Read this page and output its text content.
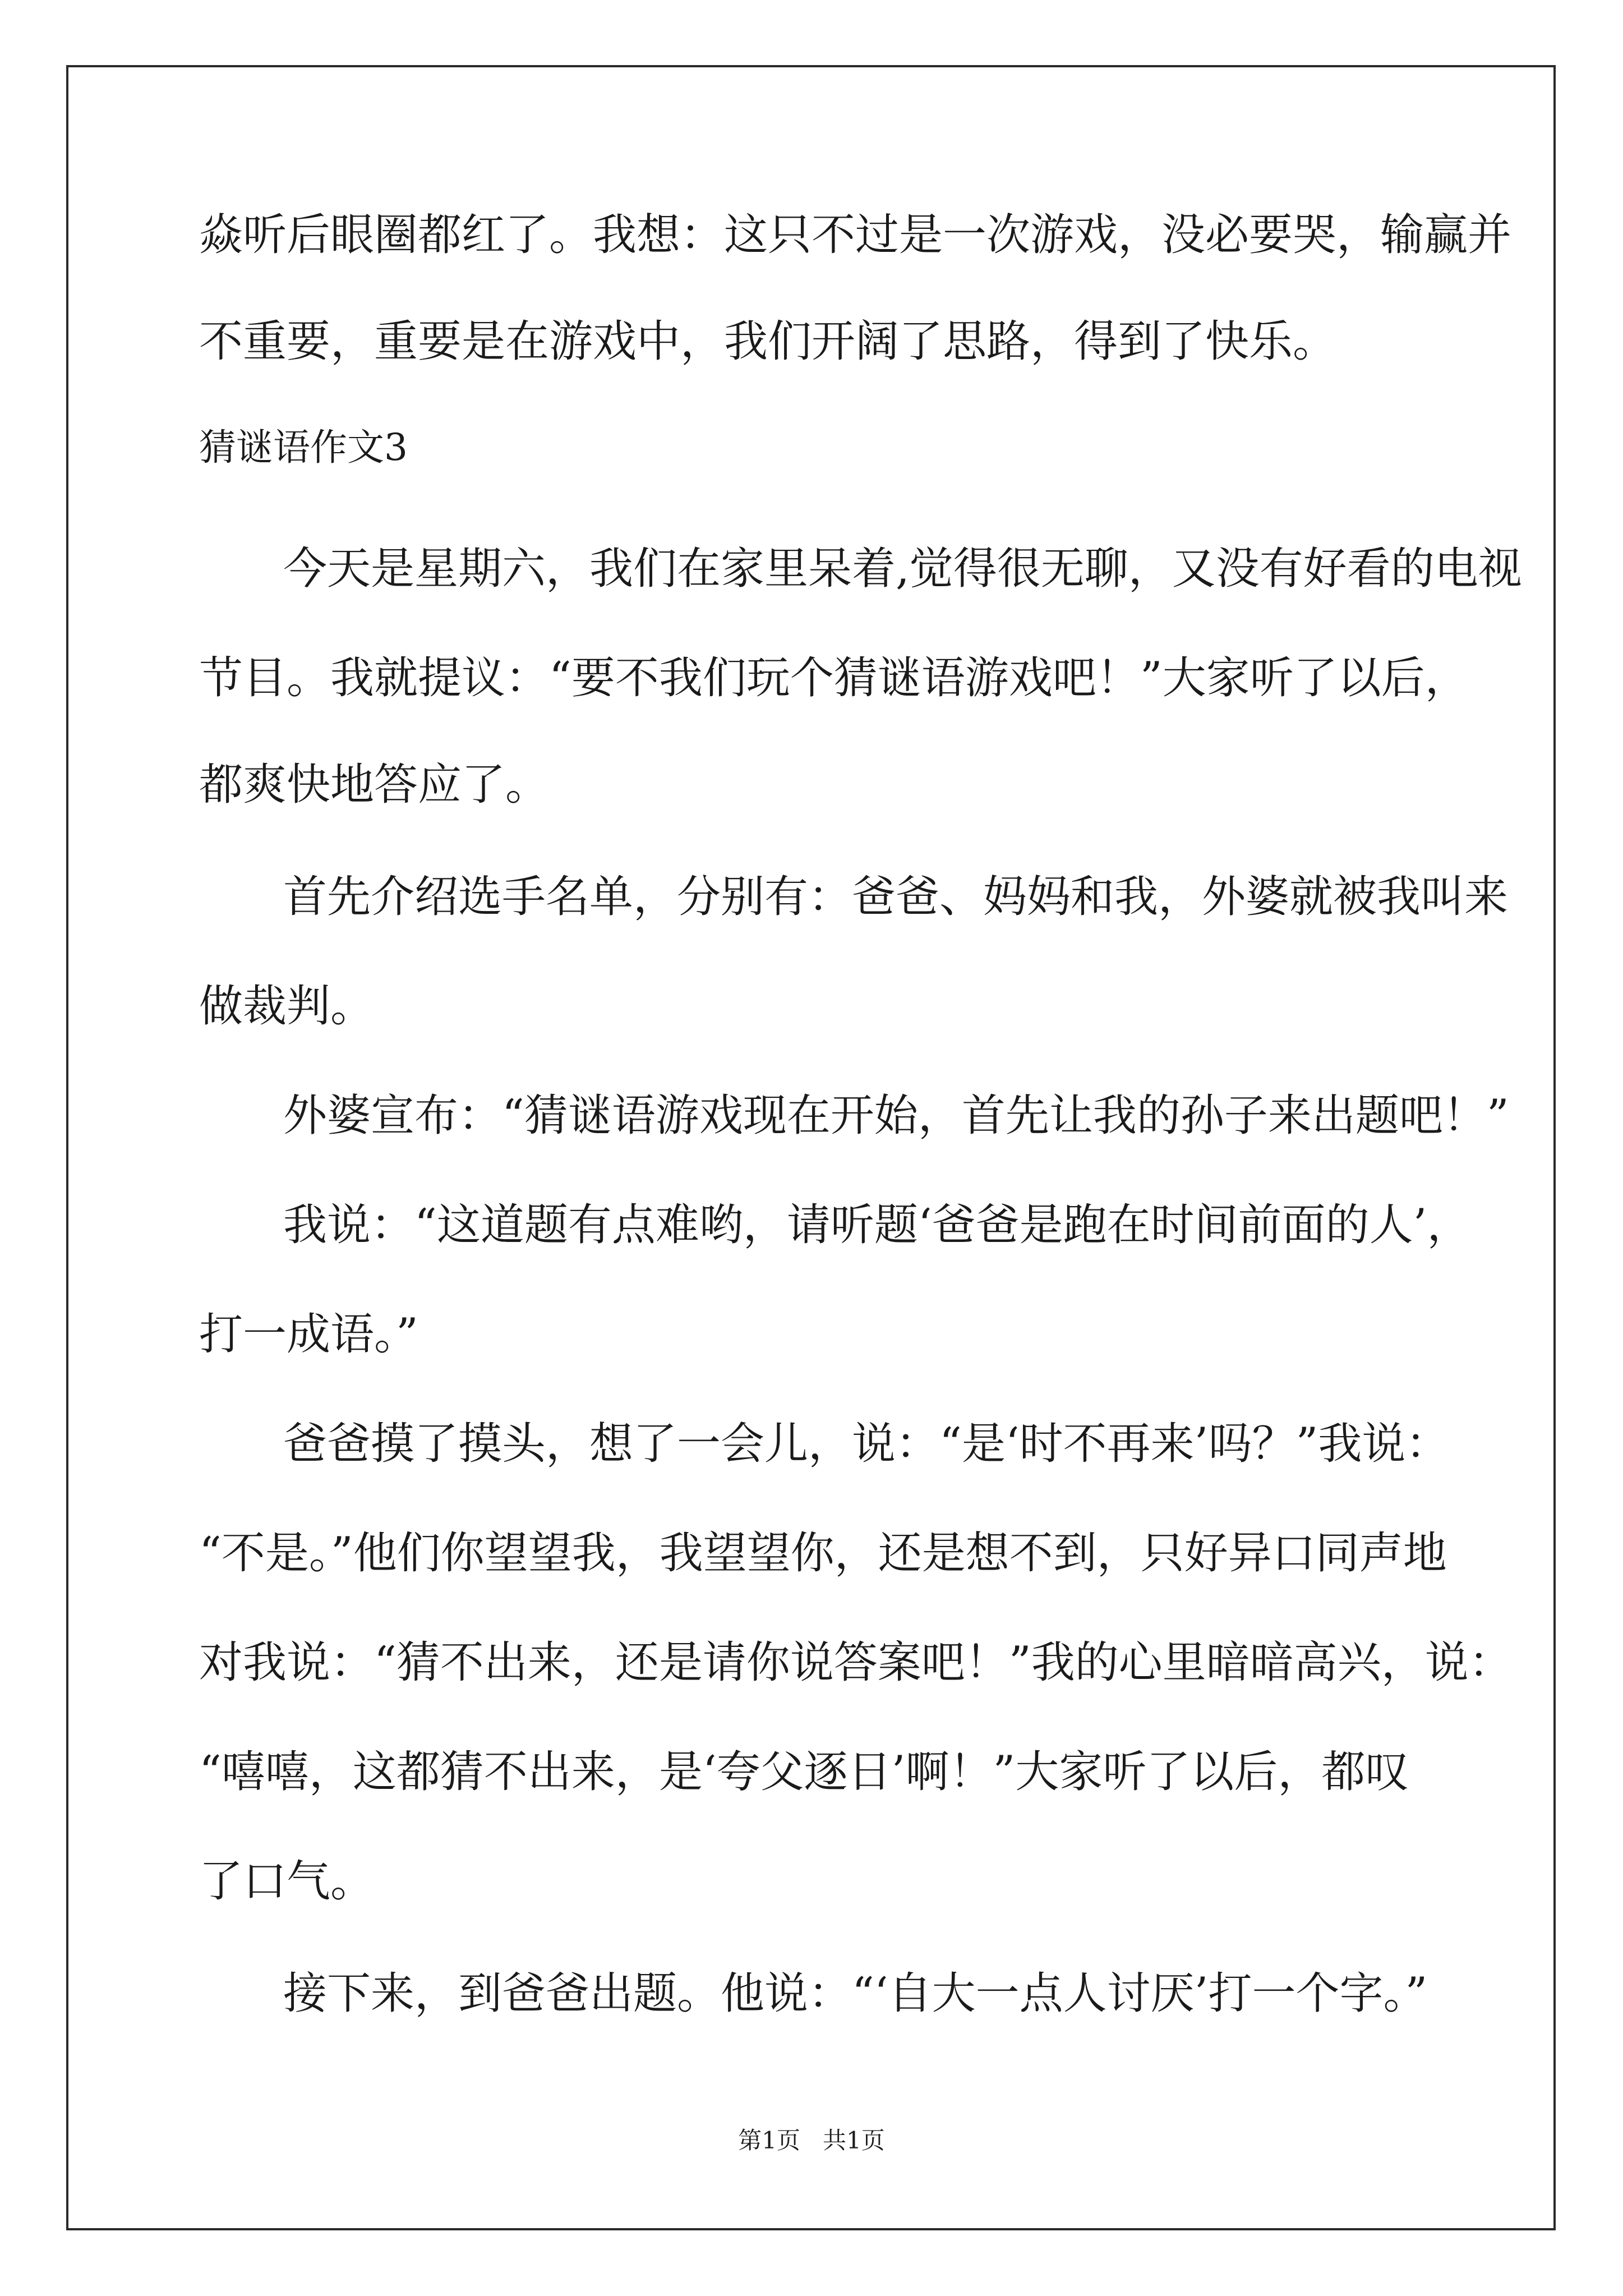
焱听后眼圈都红了。我想：这只不过是一次游戏，没必要哭，输赢并
不重要，重要是在游戏中，我们开阔了思路，得到了快乐。
猜谜语作文3
今天是星期六，我们在家里呆着,觉得很无聊，又没有好看的电视
节目。我就提议：“要不我们玩个猜谜语游戏吧！”大家听了以后，
都爽快地答应了。
首先介绍选手名单，分别有：爸爸、妈妈和我，外婆就被我叫来
做裁判。
外婆宣布：“猜谜语游戏现在开始，首先让我的孙子来出题吧！”
我说：“这道题有点难哟，请听题‘爸爸是跑在时间前面的人’，
打一成语。”
爸爸摸了摸头，想了一会儿，说：“是‘时不再来’吗？”我说：
“不是。”他们你望望我，我望望你，还是想不到，只好异口同声地
对我说：“猜不出来，还是请你说答案吧！”我的心里暗暗高兴，说：
“嘻嘻，这都猜不出来，是‘夸父逐日’啊！”大家听了以后，都叹
了口气。
接下来，到爸爸出题。他说：“‘自大一点人讨厌’打一个字。”
第1页 共1页
